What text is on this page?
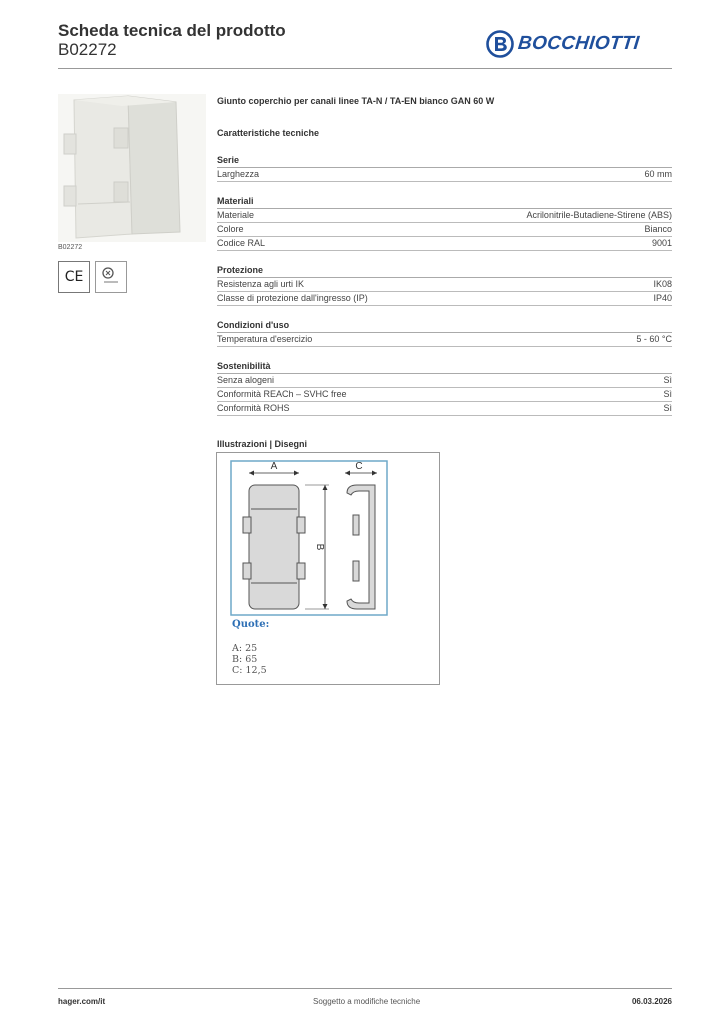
Scheda tecnica del prodotto
B02272	BOCCHIOTTI
B02272
CE
Giunto coperchio per canali linee TA-N / TA-EN bianco GAN 60 W
Caratteristiche tecniche
Serie
Larghezza	60 mm
Materiali
Materiale	Acrilonitrile-Butadiene-Stirene (ABS)
Colore	Bianco
Codice RAL	9001
Protezione
Resistenza agli urti IK	IK08
Classe di protezione dall'ingresso (IP)	IP40
Condizioni d'uso
Temperatura d'esercizio	5 - 60 °C
Sostenibilità
Senza alogeni	Sì
Conformità REACh – SVHC free	Sì
Conformità ROHS	Sì
Illustrazioni | Disegni
A	C
B
Quote:
A: 25
B: 65
C: 12,5
hager.com/it	Soggetto a modifiche tecniche	06.03.2026
